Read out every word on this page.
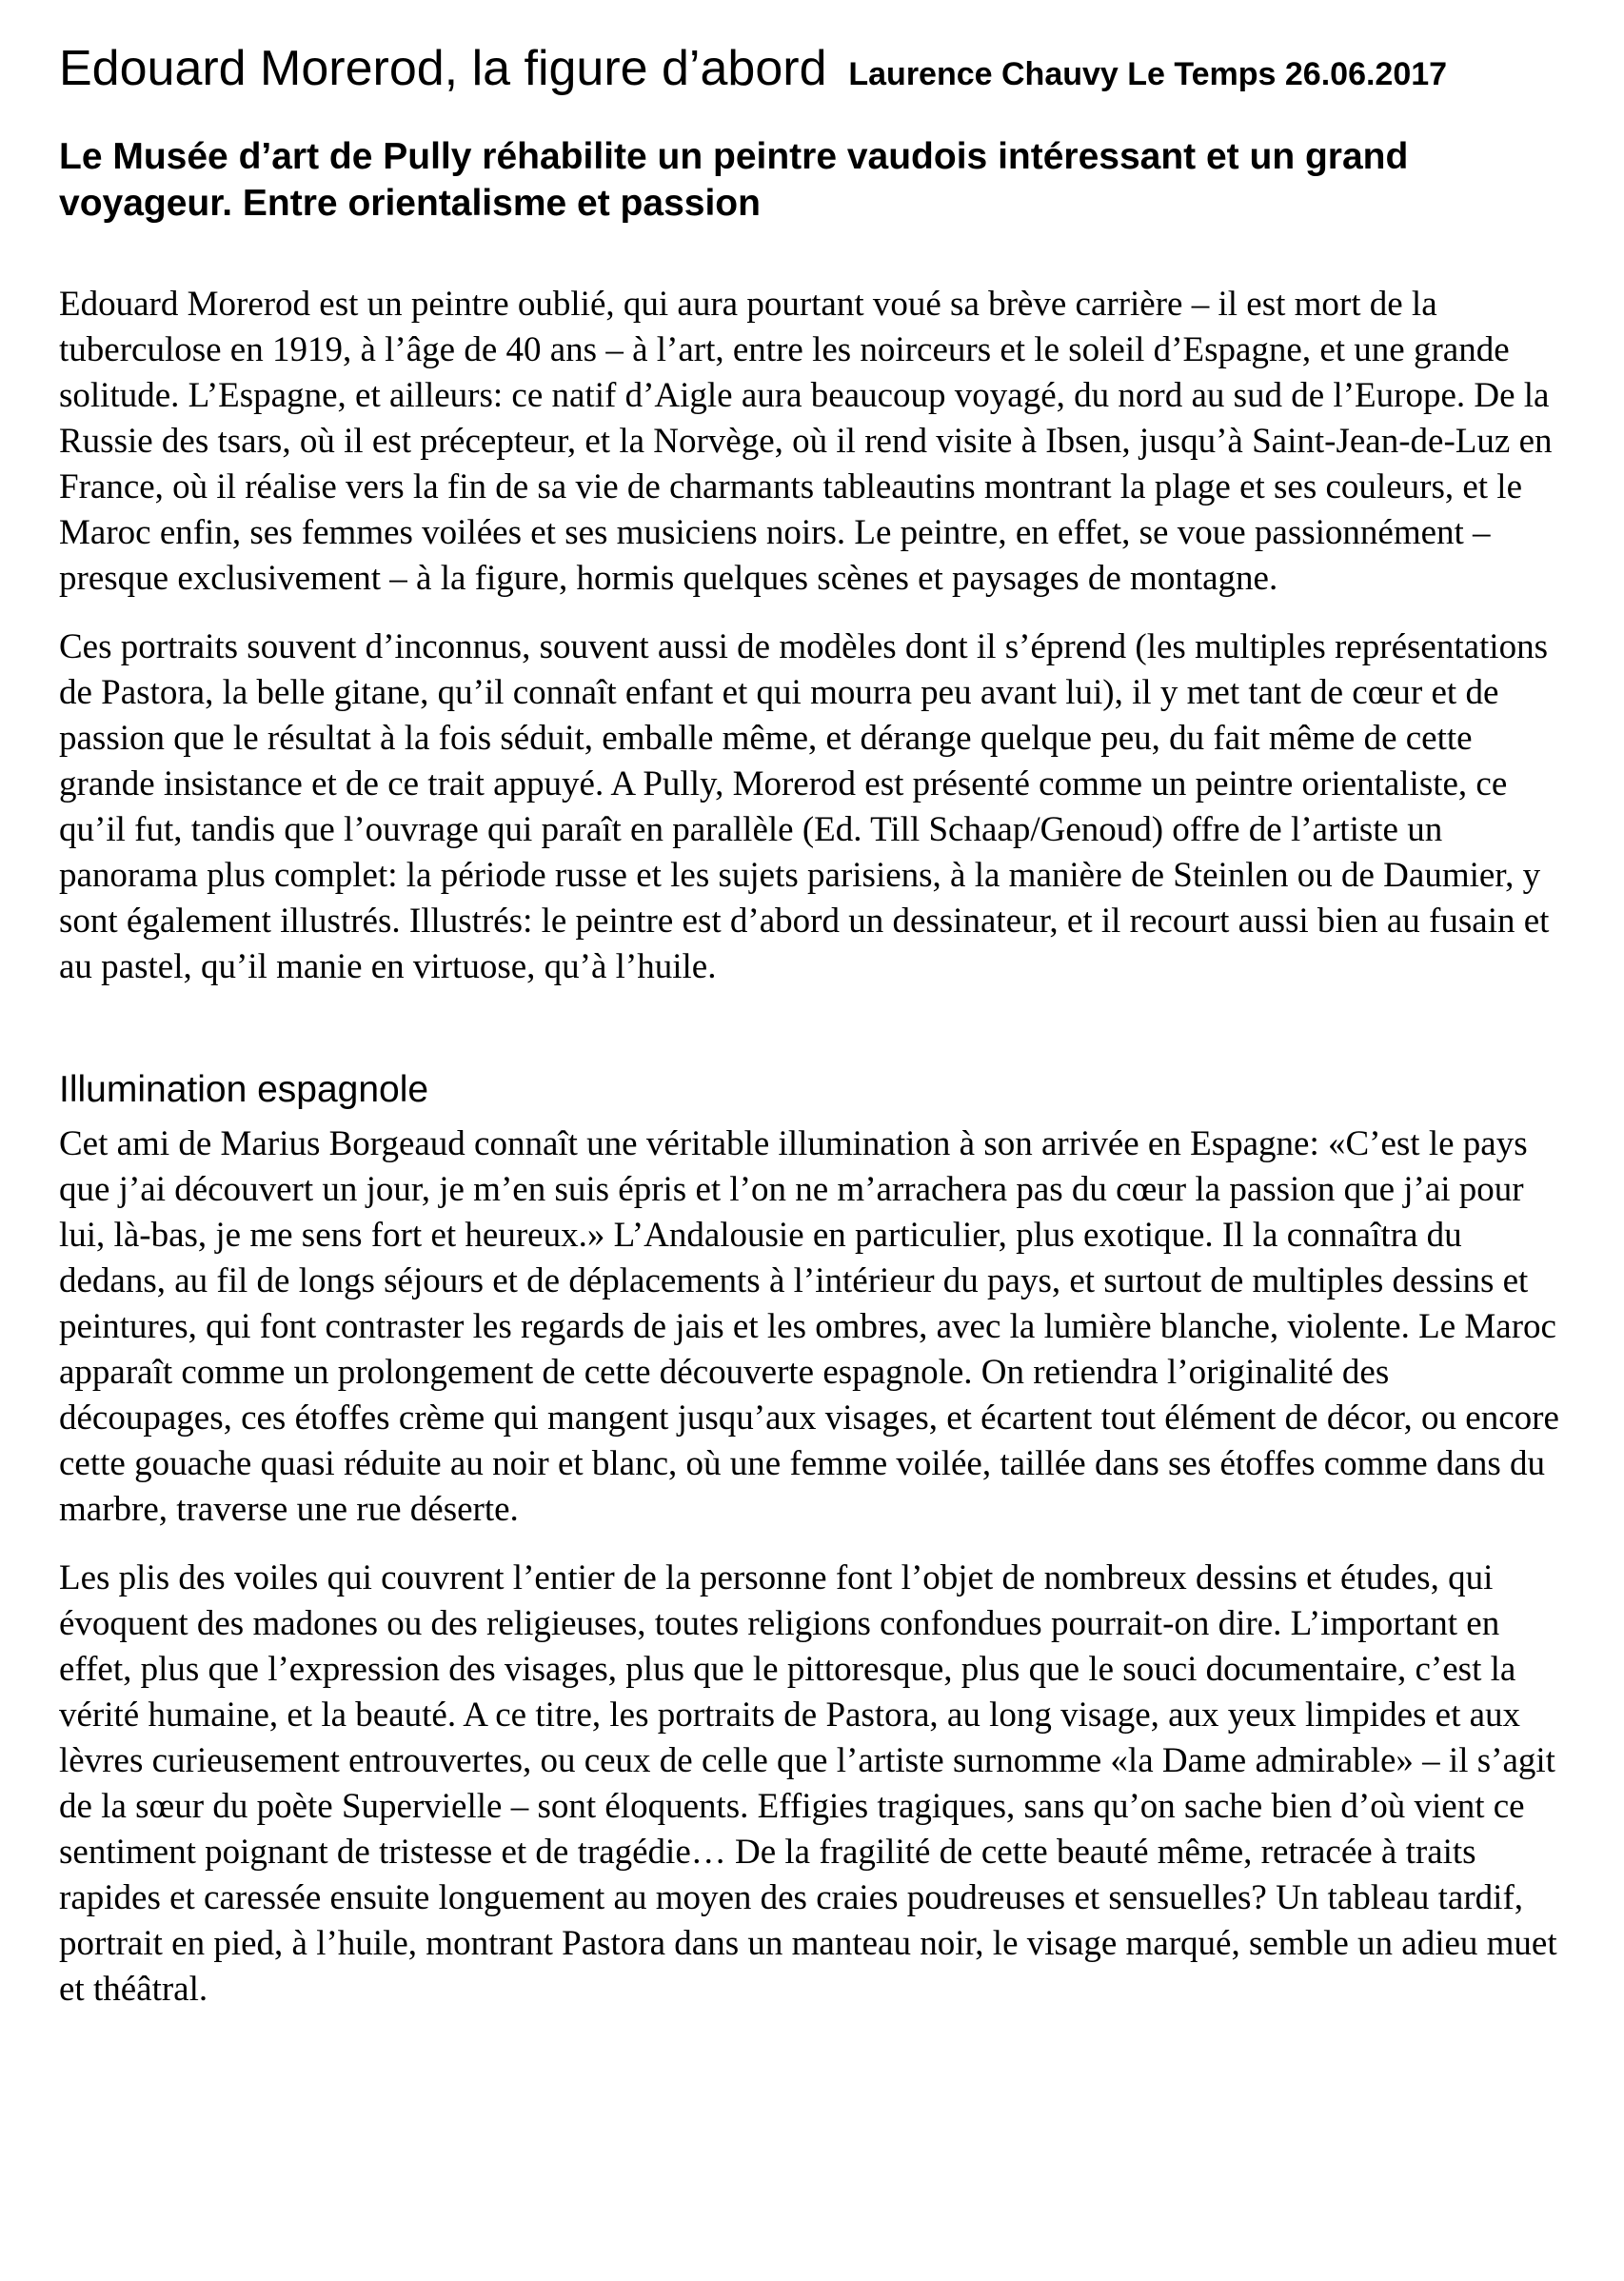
Edouard Morerod, la figure d’abord Laurence Chauvy Le Temps 26.06.2017
Le Musée d’art de Pully réhabilite un peintre vaudois intéressant et un grand voyageur. Entre orientalisme et passion

Edouard Morerod est un peintre oublié, qui aura pourtant voué sa brève carrière – il est mort de la tuberculose en 1919, à l’âge de 40 ans – à l’art, entre les noirceurs et le soleil d’Espagne, et une grande solitude. L’Espagne, et ailleurs: ce natif d’Aigle aura beaucoup voyagé, du nord au sud de l’Europe. De la Russie des tsars, où il est précepteur, et la Norvège, où il rend visite à Ibsen, jusqu’à Saint-Jean-de-Luz en France, où il réalise vers la fin de sa vie de charmants tableautins montrant la plage et ses couleurs, et le Maroc enfin, ses femmes voilées et ses musiciens noirs. Le peintre, en effet, se voue passionnément – presque exclusivement – à la figure, hormis quelques scènes et paysages de montagne.

Ces portraits souvent d’inconnus, souvent aussi de modèles dont il s’éprend (les multiples représentations de Pastora, la belle gitane, qu’il connaît enfant et qui mourra peu avant lui), il y met tant de cœur et de passion que le résultat à la fois séduit, emballe même, et dérange quelque peu, du fait même de cette grande insistance et de ce trait appuyé. A Pully, Morerod est présenté comme un peintre orientaliste, ce qu’il fut, tandis que l’ouvrage qui paraît en parallèle (Ed. Till Schaap/Genoud) offre de l’artiste un panorama plus complet: la période russe et les sujets parisiens, à la manière de Steinlen ou de Daumier, y sont également illustrés. Illustrés: le peintre est d’abord un dessinateur, et il recourt aussi bien au fusain et au pastel, qu’il manie en virtuose, qu’à l’huile.

Illumination espagnole

Cet ami de Marius Borgeaud connaît une véritable illumination à son arrivée en Espagne: «C’est le pays que j’ai découvert un jour, je m’en suis épris et l’on ne m’arrachera pas du cœur la passion que j’ai pour lui, là-bas, je me sens fort et heureux.» L’Andalousie en particulier, plus exotique. Il la connaîtra du dedans, au fil de longs séjours et de déplacements à l’intérieur du pays, et surtout de multiples dessins et peintures, qui font contraster les regards de jais et les ombres, avec la lumière blanche, violente. Le Maroc apparaît comme un prolongement de cette découverte espagnole. On retiendra l’originalité des découpages, ces étoffes crème qui mangent jusqu’aux visages, et écartent tout élément de décor, ou encore cette gouache quasi réduite au noir et blanc, où une femme voilée, taillée dans ses étoffes comme dans du marbre, traverse une rue déserte.

Les plis des voiles qui couvrent l’entier de la personne font l’objet de nombreux dessins et études, qui évoquent des madones ou des religieuses, toutes religions confondues pourrait-on dire. L’important en effet, plus que l’expression des visages, plus que le pittoresque, plus que le souci documentaire, c’est la vérité humaine, et la beauté. A ce titre, les portraits de Pastora, au long visage, aux yeux limpides et aux lèvres curieusement entrouvertes, ou ceux de celle que l’artiste surnomme «la Dame admirable» – il s’agit de la sœur du poète Supervielle – sont éloquents. Effigies tragiques, sans qu’on sache bien d’où vient ce sentiment poignant de tristesse et de tragédie… De la fragilité de cette beauté même, retracée à traits rapides et caressée ensuite longuement au moyen des craies poudreuses et sensuelles? Un tableau tardif, portrait en pied, à l’huile, montrant Pastora dans un manteau noir, le visage marqué, semble un adieu muet et théâtral.
